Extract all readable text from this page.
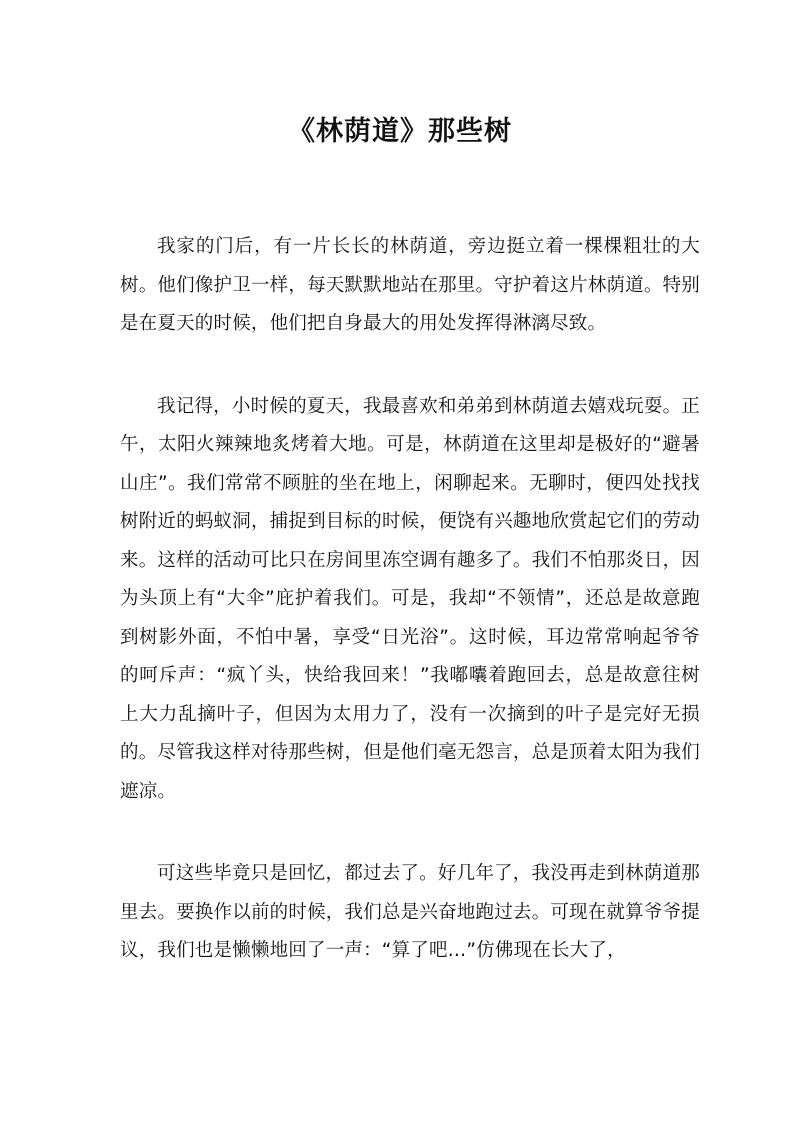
《林荫道》那些树

我家的门后，有一片长长的林荫道，旁边挺立着一棵棵粗壮的大树。他们像护卫一样，每天默默地站在那里。守护着这片林荫道。特别是在夏天的时候，他们把自身最大的用处发挥得淋漓尽致。

我记得，小时候的夏天，我最喜欢和弟弟到林荫道去嬉戏玩耍。正午，太阳火辣辣地炙烤着大地。可是，林荫道在这里却是极好的“避暑山庄”。我们常常不顾脏的坐在地上，闲聊起来。无聊时，便四处找找树附近的蚂蚁洞，捕捉到目标的时候，便饶有兴趣地欣赏起它们的劳动来。这样的活动可比只在房间里冻空调有趣多了。我们不怕那炎日，因为头顶上有“大伞”庇护着我们。可是，我却“不领情”，还总是故意跑到树影外面，不怕中暑，享受“日光浴”。这时候，耳边常常响起爷爷的呵斥声：“疯丫头，快给我回来！”我嘟囔着跑回去，总是故意往树上大力乱摘叶子，但因为太用力了，没有一次摘到的叶子是完好无损的。尽管我这样对待那些树，但是他们毫无怨言，总是顶着太阳为我们遮凉。

可这些毕竟只是回忆，都过去了。好几年了，我没再走到林荫道那里去。要换作以前的时候，我们总是兴奋地跑过去。可现在就算爷爷提议，我们也是懒懒地回了一声：“算了吧…”仿佛现在长大了，
